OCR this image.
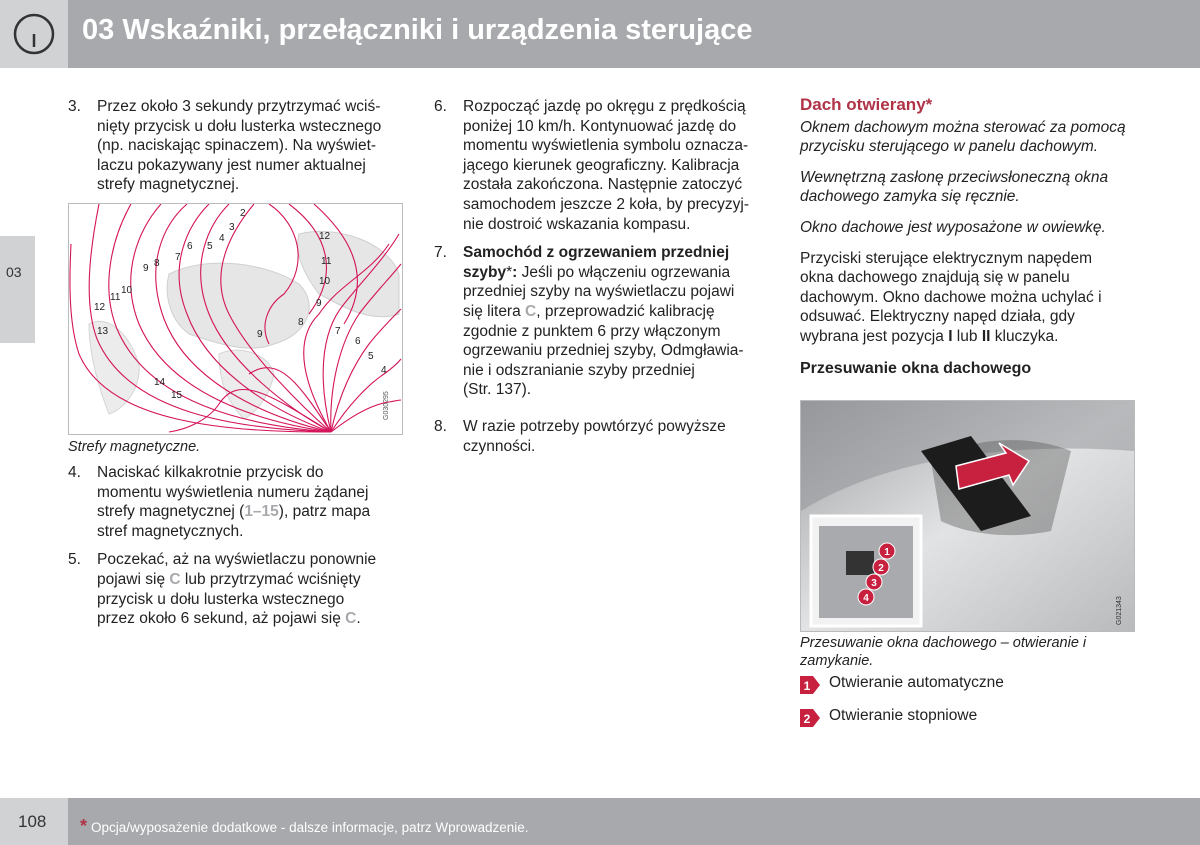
03 Wskaźniki, przełączniki i urządzenia sterujące
03
3. Przez około 3 sekundy przytrzymać wciś-

nięty przycisk u dołu lusterka wstecznego

(np. naciskając spinaczem). Na wyświet-

laczu pokazywany jest numer aktualnej

strefy magnetycznej.

2
3
4
5
6
7
8
9
10
11
12
13
14
15
12
11
10
9
8
9	7
6
5
4
G030295
Strefy magnetyczne.
4. Naciskać kilkakrotnie przycisk do

momentu wyświetlenia numeru żądanej

strefy magnetycznej (1–15), patrz mapa

stref magnetycznych.

5. Poczekać, aż na wyświetlaczu ponownie

pojawi się C lub przytrzymać wciśnięty

przycisk u dołu lusterka wstecznego

przez około 6 sekund, aż pojawi się C.

6. Rozpocząć jazdę po okręgu z prędkością

poniżej 10 km/h. Kontynuować jazdę do

momentu wyświetlenia symbolu oznacza-

jącego kierunek geograficzny. Kalibracja

została zakończona. Następnie zatoczyć

samochodem jeszcze 2 koła, by precyzyj-

nie dostroić wskazania kompasu.

7. Samochód z ogrzewaniem przedniej

szyby*: Jeśli po włączeniu ogrzewania

przedniej szyby na wyświetlaczu pojawi

się litera C, przeprowadzić kalibrację

zgodnie z punktem 6 przy włączonym

ogrzewaniu przedniej szyby, Odmgławia-

nie i odszranianie szyby przedniej

(Str. 137).

8. W razie potrzeby powtórzyć powyższe

czynności.

Dach otwierany*

Oknem dachowym można sterować za pomocą przycisku sterującego w panelu dachowym.

Wewnętrzną zasłonę przeciwsłoneczną okna dachowego zamyka się ręcznie.

Okno dachowe jest wyposażone w owiewkę.

Przyciski sterujące elektrycznym napędem
okna dachowego znajdują się w panelu
dachowym. Okno dachowe można uchylać i
odsuwać. Elektryczny napęd działa, gdy
wybrana jest pozycja I lub II kluczyka.
Przesuwanie okna dachowego
1
2
3
4	G021343
Przesuwanie okna dachowego – otwieranie i
zamykanie.
1 Otwieranie automatyczne
2 Otwieranie stopniowe
108 * Opcja/wyposażenie dodatkowe - dalsze informacje, patrz Wprowadzenie.
